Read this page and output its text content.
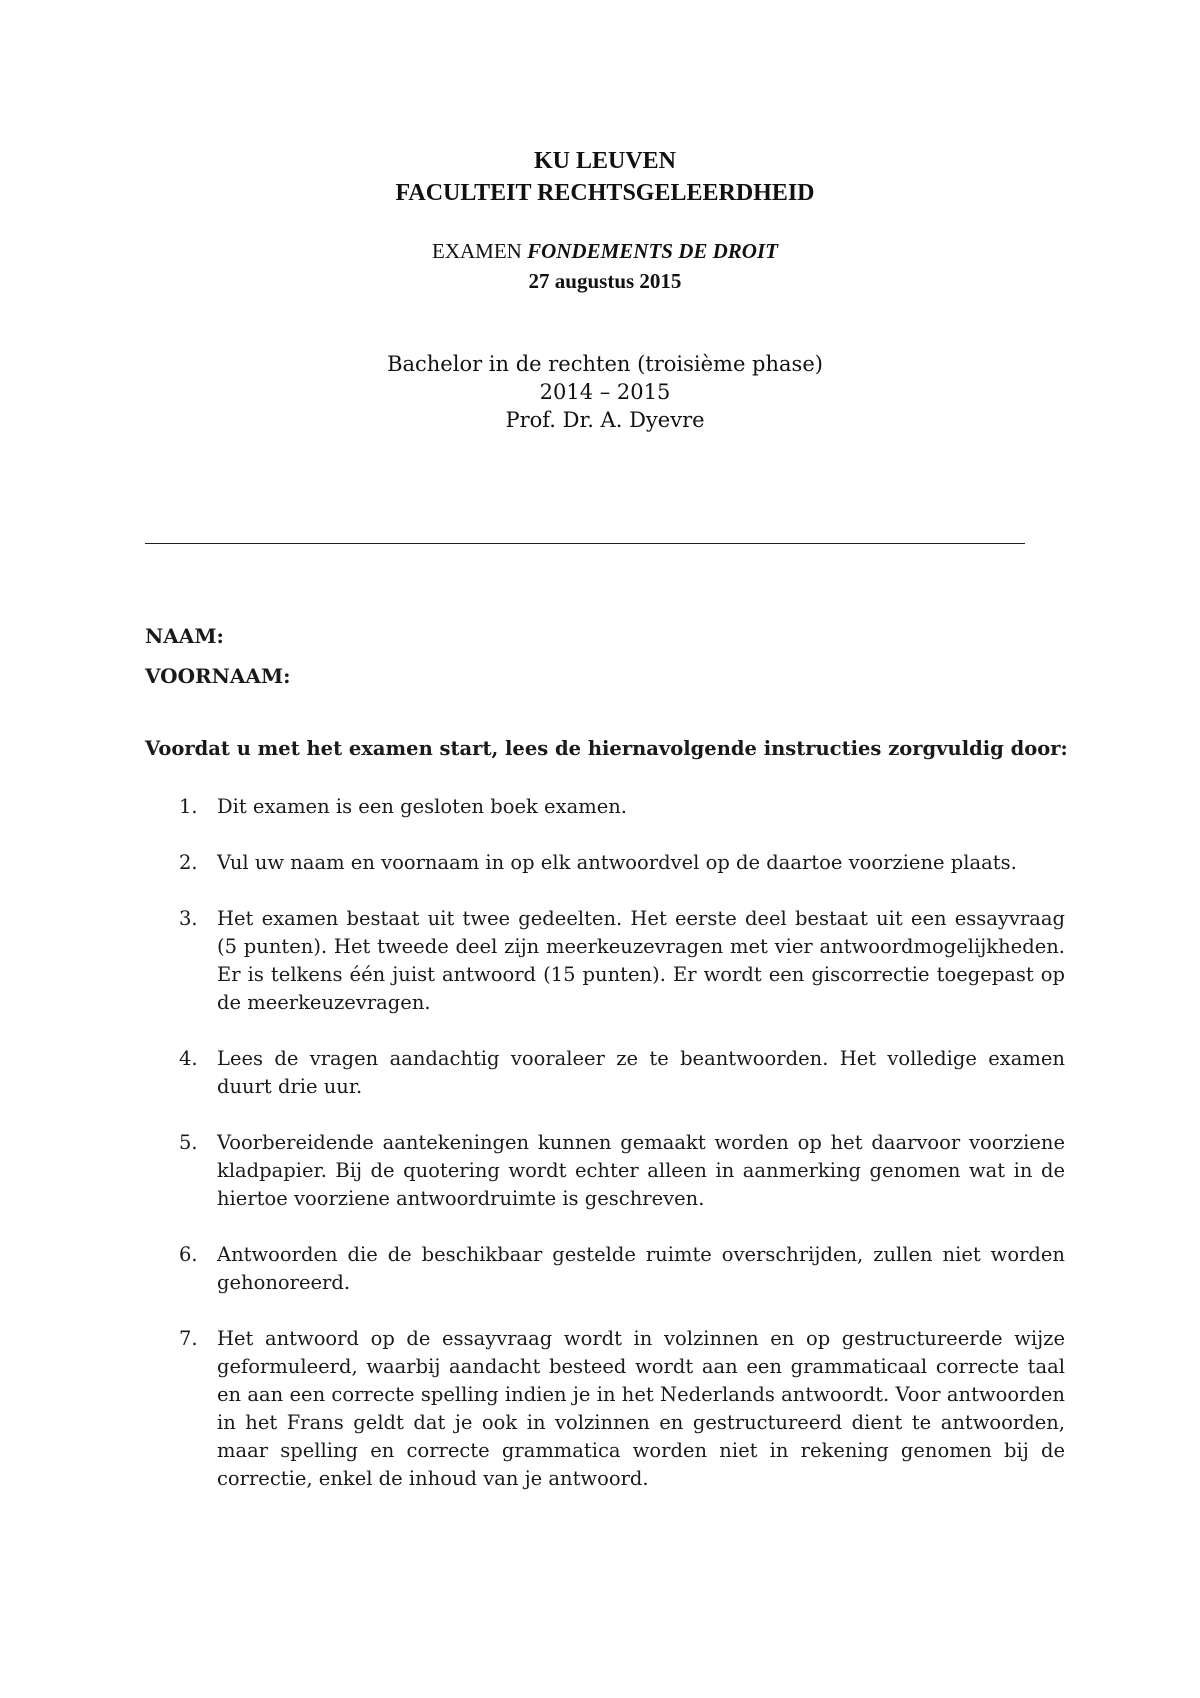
KU LEUVEN
FACULTEIT RECHTSGELEERDHEID
EXAMEN FONDEMENTS DE DROIT
27 augustus 2015
Bachelor in de rechten (troisième phase)
2014 – 2015
Prof. Dr. A. Dyevre
NAAM:
VOORNAAM:
Voordat u met het examen start, lees de hiernavolgende instructies zorgvuldig door:
1. Dit examen is een gesloten boek examen.
2. Vul uw naam en voornaam in op elk antwoordvel op de daartoe voorziene plaats.
3. Het examen bestaat uit twee gedeelten. Het eerste deel bestaat uit een essayvraag (5 punten). Het tweede deel zijn meerkeuzevragen met vier antwoordmogelijkheden. Er is telkens één juist antwoord (15 punten). Er wordt een giscorrectie toegepast op de meerkeuzevragen.
4. Lees de vragen aandachtig vooraleer ze te beantwoorden. Het volledige examen duurt drie uur.
5. Voorbereidende aantekeningen kunnen gemaakt worden op het daarvoor voorziene kladpapier. Bij de quotering wordt echter alleen in aanmerking genomen wat in de hiertoe voorziene antwoordruimte is geschreven.
6. Antwoorden die de beschikbaar gestelde ruimte overschrijden, zullen niet worden gehonoreerd.
7. Het antwoord op de essayvraag wordt in volzinnen en op gestructureerde wijze geformuleerd, waarbij aandacht besteed wordt aan een grammaticaal correcte taal en aan een correcte spelling indien je in het Nederlands antwoordt. Voor antwoorden in het Frans geldt dat je ook in volzinnen en gestructureerd dient te antwoorden, maar spelling en correcte grammatica worden niet in rekening genomen bij de correctie, enkel de inhoud van je antwoord.
